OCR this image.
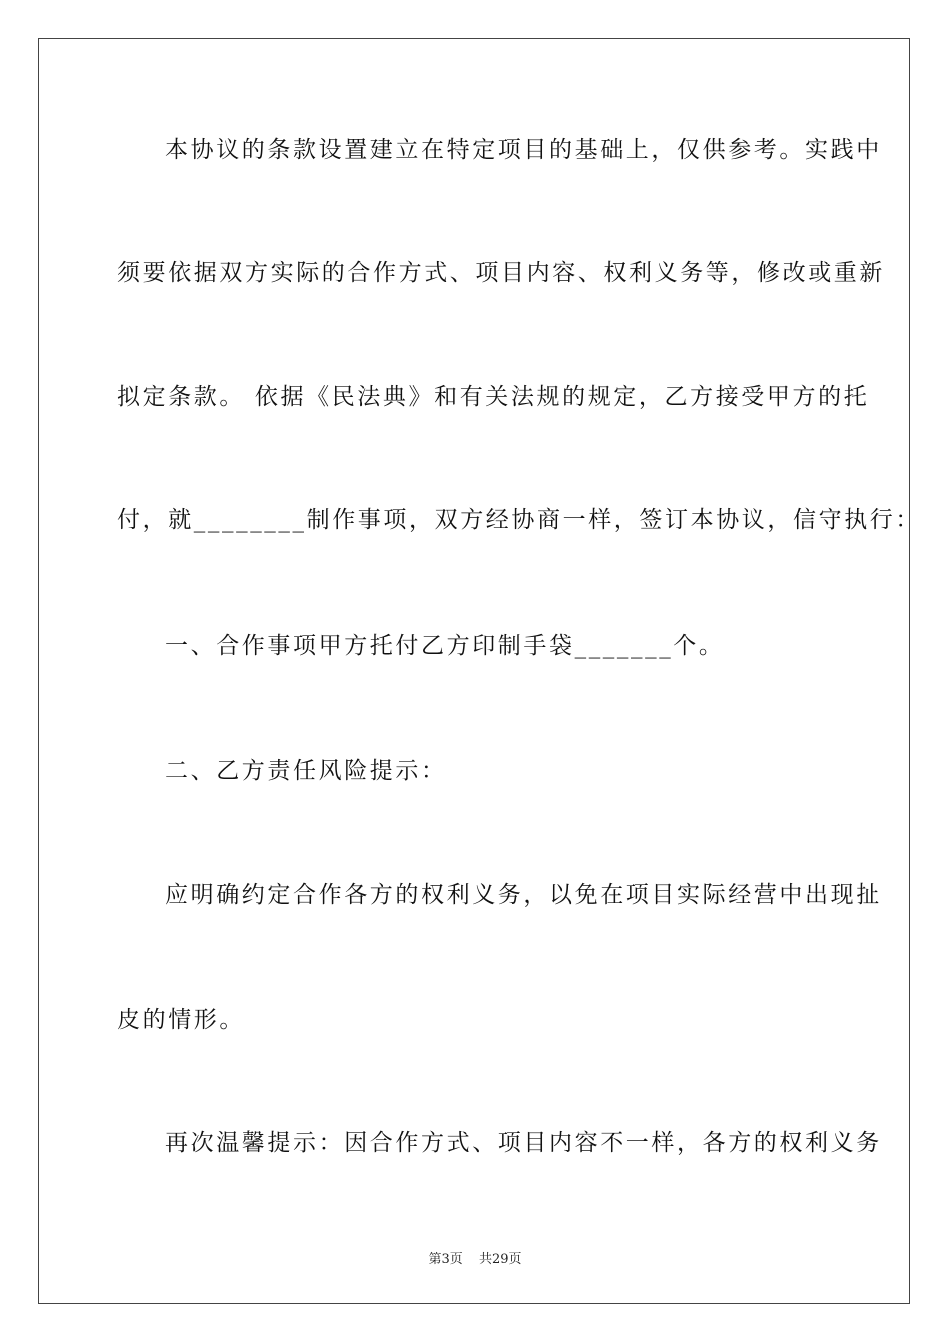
本协议的条款设置建立在特定项目的基础上，仅供参考。实践中
须要依据双方实际的合作方式、项目内容、权利义务等，修改或重新
拟定条款。 依据《民法典》和有关法规的规定，乙方接受甲方的托
付，就________制作事项，双方经协商一样，签订本协议，信守执行：
一、合作事项甲方托付乙方印制手袋_______个。
二、乙方责任风险提示：
应明确约定合作各方的权利义务，以免在项目实际经营中出现扯
皮的情形。
再次温馨提示：因合作方式、项目内容不一样，各方的权利义务
第3页 共29页
